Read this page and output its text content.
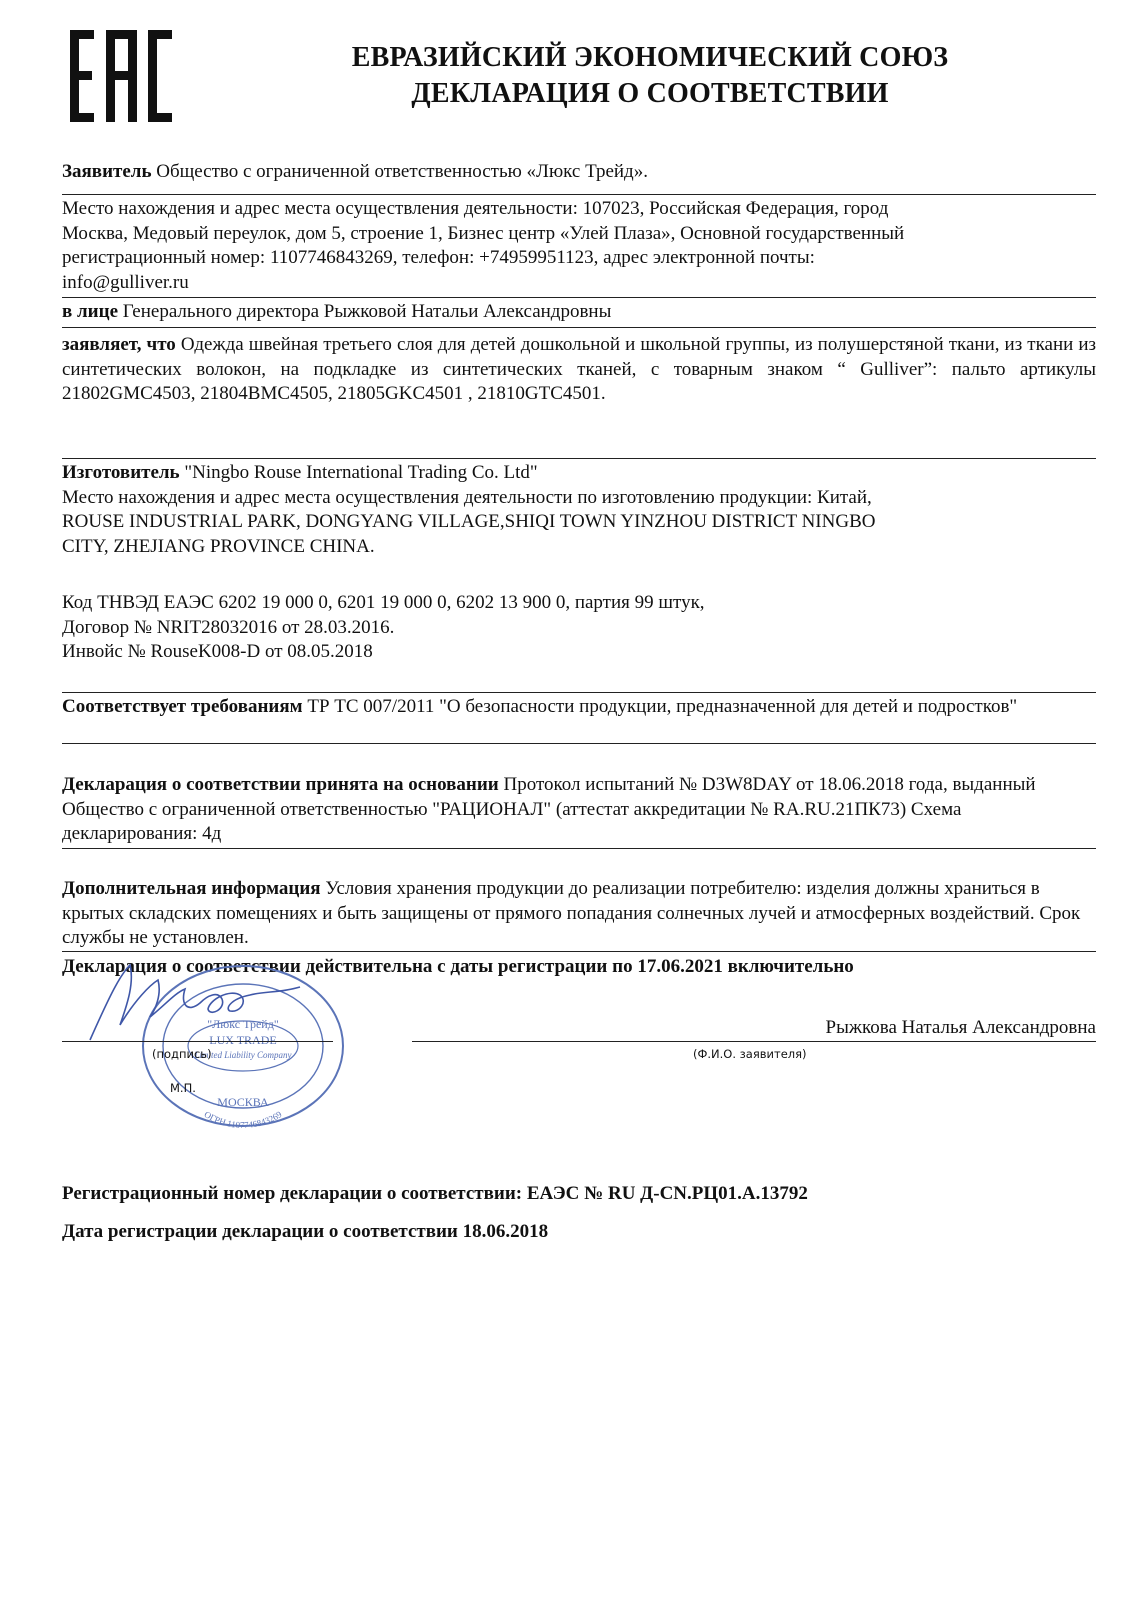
ЕВРАЗИЙСКИЙ ЭКОНОМИЧЕСКИЙ СОЮЗ
ДЕКЛАРАЦИЯ О СООТВЕТСТВИИ
Заявитель Общество с ограниченной ответственностью «Люкс Трейд».
Место нахождения и адрес места осуществления деятельности: 107023, Российская Федерация, город
Москва, Медовый переулок, дом 5, строение 1, Бизнес центр «Улей Плаза», Основной государственный
регистрационный номер: 1107746843269, телефон: +74959951123, адрес электронной почты:
info@gulliver.ru
в лице Генерального директора Рыжковой Натальи Александровны
заявляет, что Одежда швейная третьего слоя для детей дошкольной и школьной группы, из полушерстяной ткани, из ткани из синтетических волокон, на подкладке из синтетических тканей, с товарным знаком “ Gulliver”: пальто артикулы 21802GMC4503, 21804BMC4505, 21805GKC4501 , 21810GTC4501.
Изготовитель "Ningbo Rouse International Trading Co. Ltd"
Место нахождения и адрес места осуществления деятельности по изготовлению продукции: Китай,
ROUSE INDUSTRIAL PARK, DONGYANG VILLAGE,SHIQI TOWN YINZHOU DISTRICT NINGBO
CITY, ZHEJIANG PROVINCE CHINA.
Код ТНВЭД ЕАЭС 6202 19 000 0, 6201 19 000 0, 6202 13 900 0, партия 99 штук,
Договор № NRIT28032016 от 28.03.2016.
Инвойс № RouseK008-D от 08.05.2018
Соответствует требованиям ТР ТС 007/2011 "О безопасности продукции, предназначенной для детей и подростков"
Декларация о соответствии принята на основании Протокол испытаний № D3W8DAY от 18.06.2018 года, выданный Общество с ограниченной ответственностью "РАЦИОНАЛ" (аттестат аккредитации № RA.RU.21ПК73) Схема декларирования: 4д
Дополнительная информация Условия хранения продукции до реализации потребителю: изделия должны храниться в крытых складских помещениях и быть защищены от прямого попадания солнечных лучей и атмосферных воздействий. Срок службы не установлен.
Декларация о соответствии действительна с даты регистрации по 17.06.2021 включительно
"Люкс Трейд"
LUX TRADE
Limited Liability Company
ОГРН 1107746843269
МОСКВА
Рыжкова Наталья Александровна
(подпись)	(Ф.И.О. заявителя)
М.П.
Регистрационный номер декларации о соответствии: ЕАЭС № RU Д-CN.РЦ01.А.13792
Дата регистрации декларации о соответствии 18.06.2018
